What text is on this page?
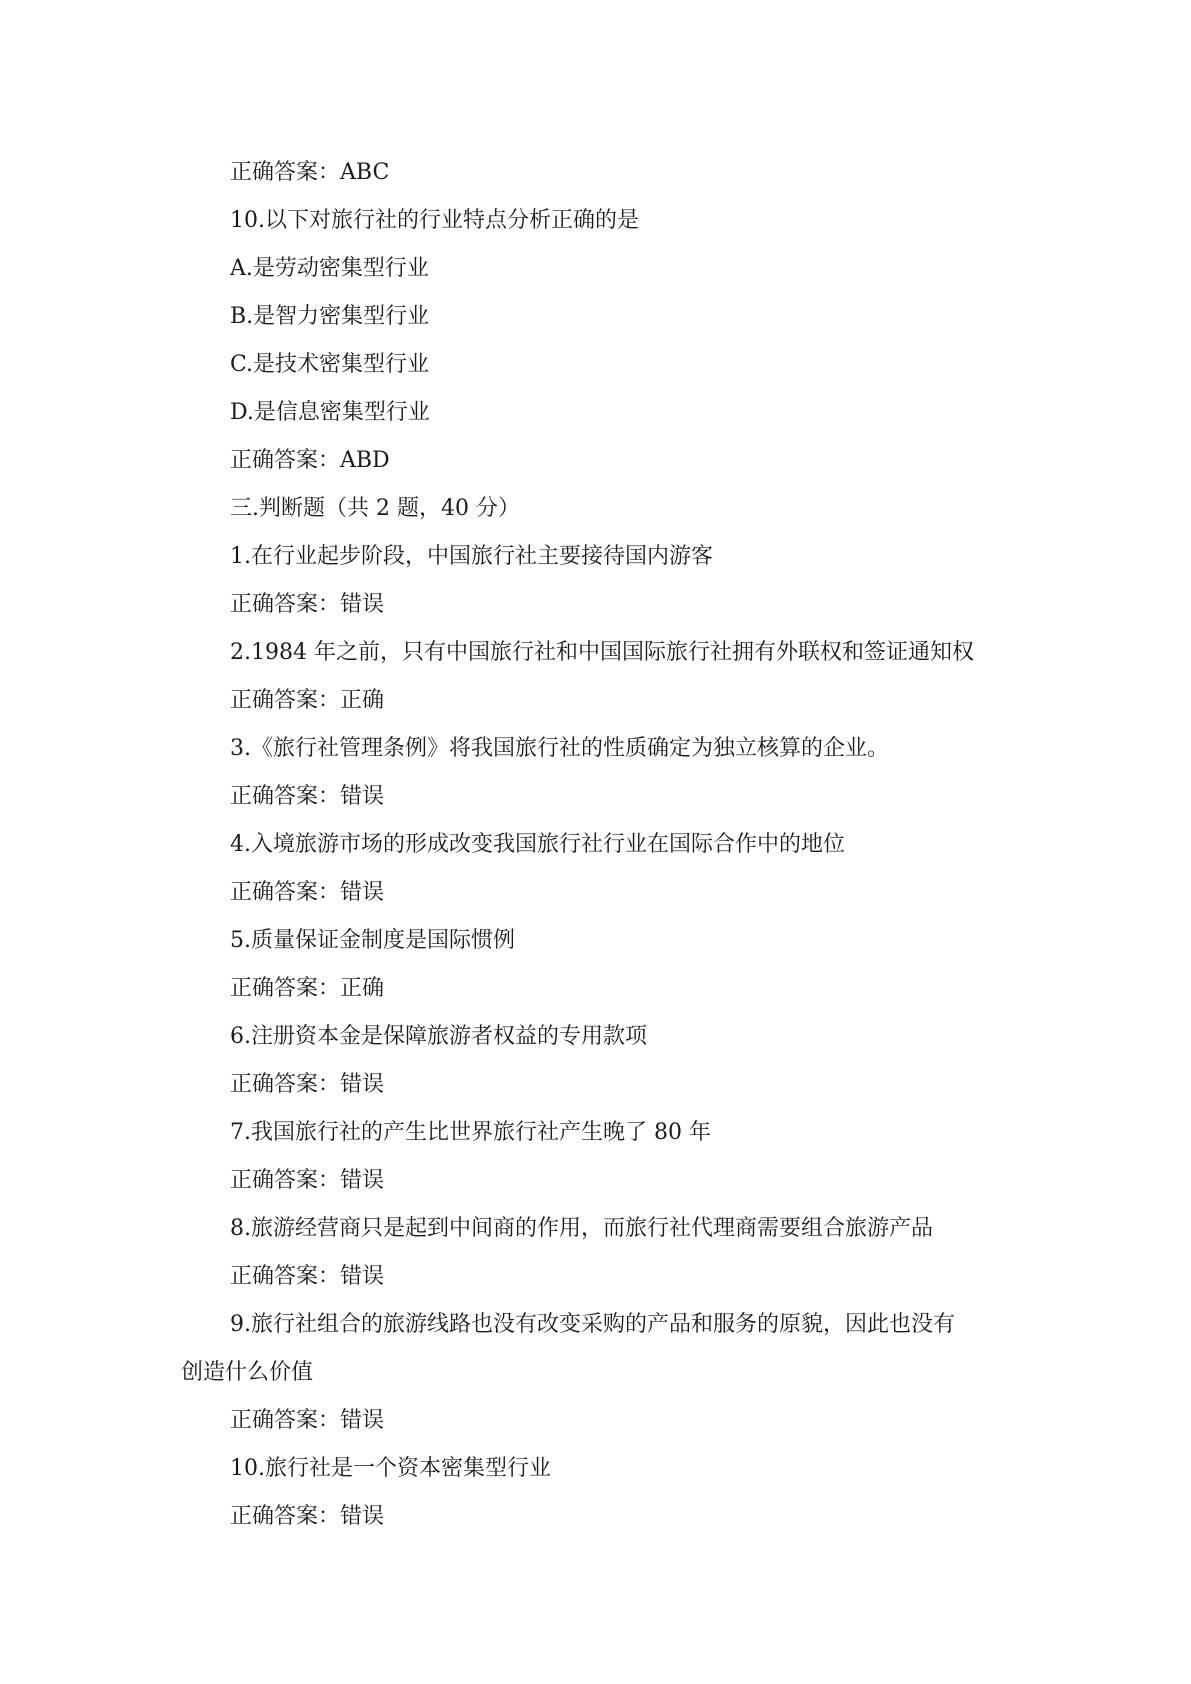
正确答案：ABC
10.以下对旅行社的行业特点分析正确的是
A.是劳动密集型行业
B.是智力密集型行业
C.是技术密集型行业
D.是信息密集型行业
正确答案：ABD
三.判断题（共 2 题，40 分）
1.在行业起步阶段，中国旅行社主要接待国内游客
正确答案：错误
2.1984 年之前，只有中国旅行社和中国国际旅行社拥有外联权和签证通知权
正确答案：正确
3.《旅行社管理条例》将我国旅行社的性质确定为独立核算的企业。
正确答案：错误
4.入境旅游市场的形成改变我国旅行社行业在国际合作中的地位
正确答案：错误
5.质量保证金制度是国际惯例
正确答案：正确
6.注册资本金是保障旅游者权益的专用款项
正确答案：错误
7.我国旅行社的产生比世界旅行社产生晚了 80 年
正确答案：错误
8.旅游经营商只是起到中间商的作用，而旅行社代理商需要组合旅游产品
正确答案：错误
9.旅行社组合的旅游线路也没有改变采购的产品和服务的原貌，因此也没有
创造什么价值
正确答案：错误
10.旅行社是一个资本密集型行业
正确答案：错误
